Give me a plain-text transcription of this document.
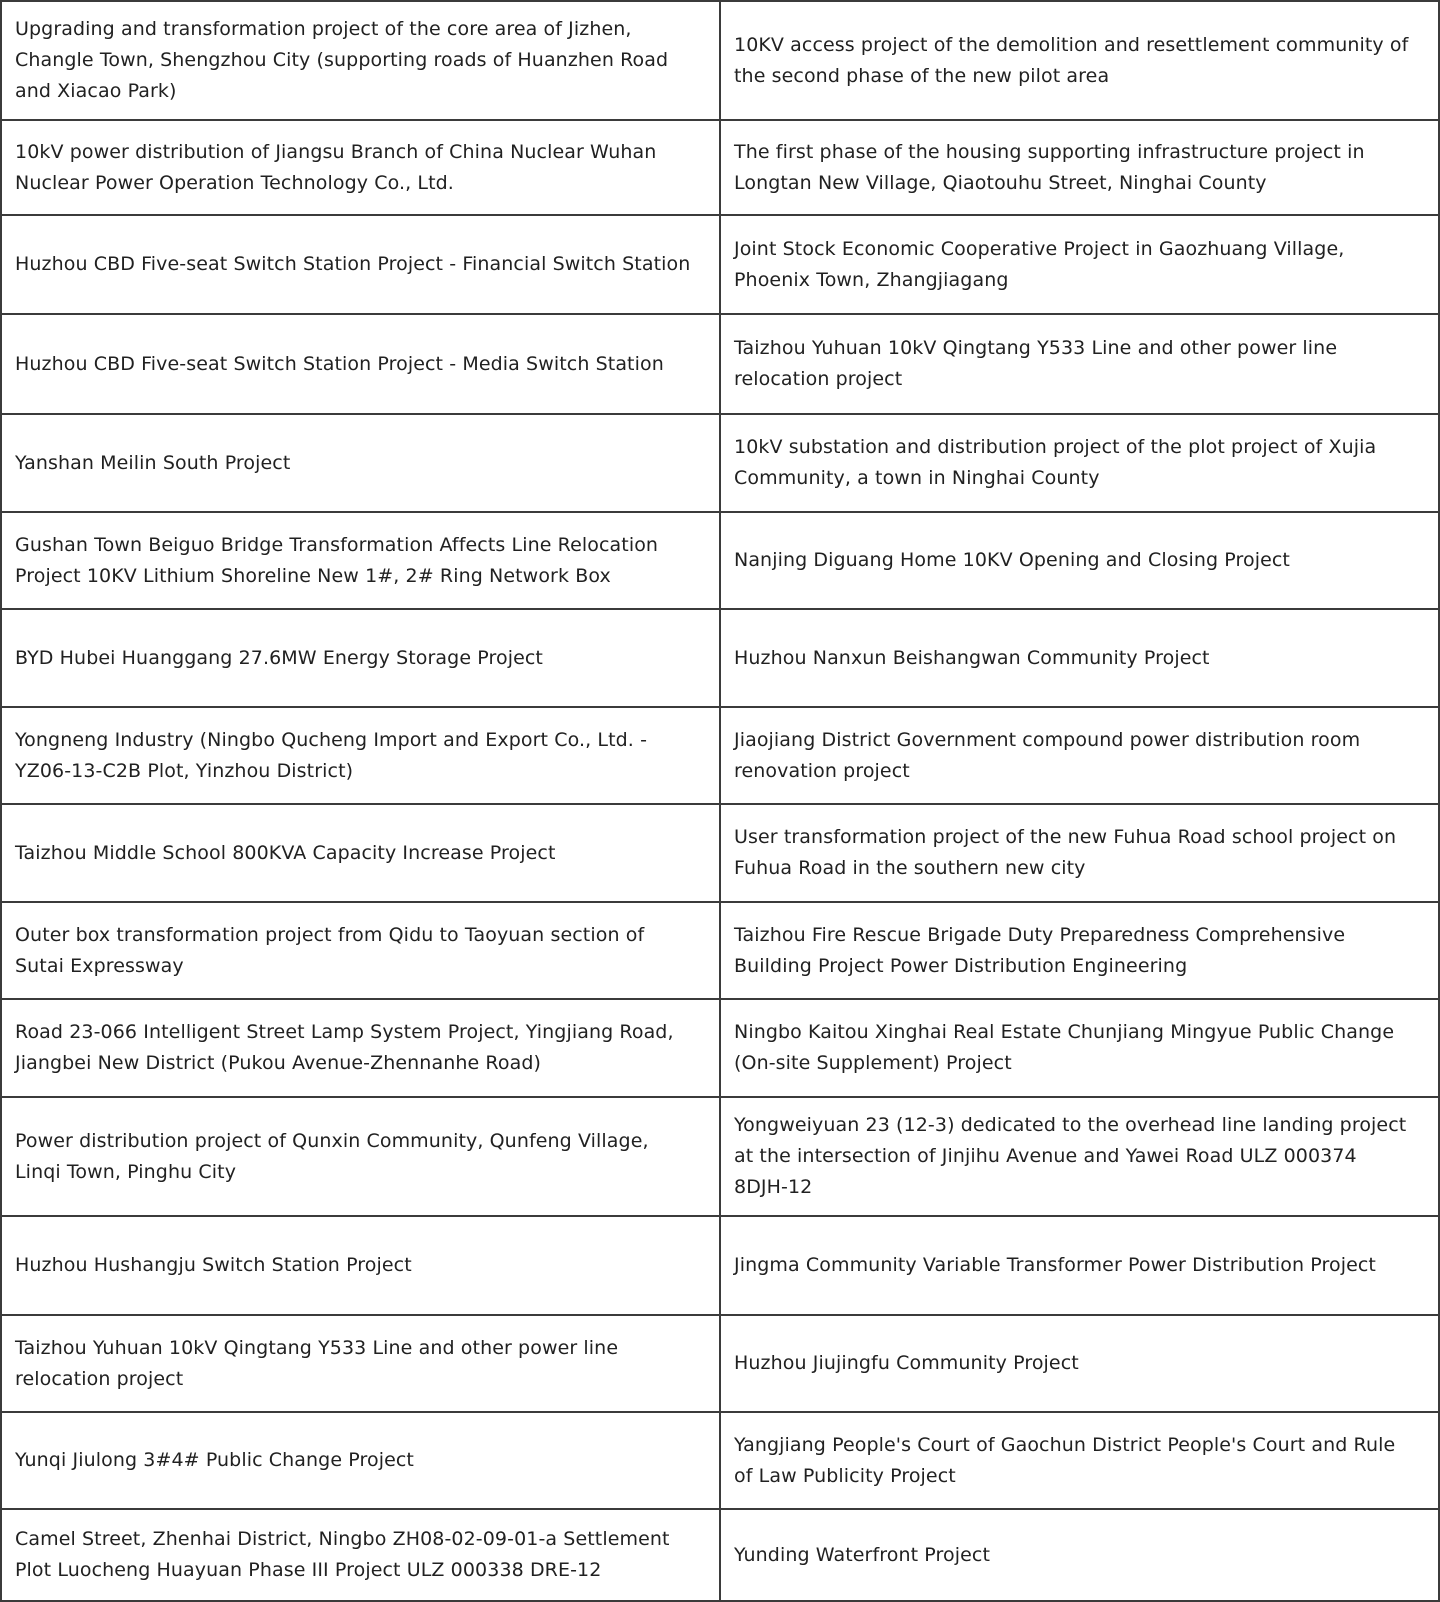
Upgrading and transformation project of the core area of Jizhen, Changle Town, Shengzhou City (supporting roads of Huanzhen Road and Xiacao Park)	10KV access project of the demolition and resettlement community of the second phase of the new pilot area
10kV power distribution of Jiangsu Branch of China Nuclear Wuhan Nuclear Power Operation Technology Co., Ltd.	The first phase of the housing supporting infrastructure project in Longtan New Village, Qiaotouhu Street, Ninghai County
Huzhou CBD Five-seat Switch Station Project - Financial Switch Station	Joint Stock Economic Cooperative Project in Gaozhuang Village, Phoenix Town, Zhangjiagang
Huzhou CBD Five-seat Switch Station Project - Media Switch Station	Taizhou Yuhuan 10kV Qingtang Y533 Line and other power line relocation project
Yanshan Meilin South Project	10kV substation and distribution project of the plot project of Xujia Community, a town in Ninghai County
Gushan Town Beiguo Bridge Transformation Affects Line Relocation Project 10KV Lithium Shoreline New 1#, 2# Ring Network Box	Nanjing Diguang Home 10KV Opening and Closing Project
BYD Hubei Huanggang 27.6MW Energy Storage Project	Huzhou Nanxun Beishangwan Community Project
Yongneng Industry (Ningbo Qucheng Import and Export Co., Ltd. - YZ06-13-C2B Plot, Yinzhou District)	Jiaojiang District Government compound power distribution room renovation project
Taizhou Middle School 800KVA Capacity Increase Project	User transformation project of the new Fuhua Road school project on Fuhua Road in the southern new city
Outer box transformation project from Qidu to Taoyuan section of Sutai Expressway	Taizhou Fire Rescue Brigade Duty Preparedness Comprehensive Building Project Power Distribution Engineering
Road 23-066 Intelligent Street Lamp System Project, Yingjiang Road, Jiangbei New District (Pukou Avenue-Zhennanhe Road)	Ningbo Kaitou Xinghai Real Estate Chunjiang Mingyue Public Change (On-site Supplement) Project
Power distribution project of Qunxin Community, Qunfeng Village, Linqi Town, Pinghu City	Yongweiyuan 23 (12-3) dedicated to the overhead line landing project at the intersection of Jinjihu Avenue and Yawei Road ULZ 000374 8DJH-12
Huzhou Hushangju Switch Station Project	Jingma Community Variable Transformer Power Distribution Project
Taizhou Yuhuan 10kV Qingtang Y533 Line and other power line relocation project	Huzhou Jiujingfu Community Project
Yunqi Jiulong 3#4# Public Change Project	Yangjiang People's Court of Gaochun District People's Court and Rule of Law Publicity Project
Camel Street, Zhenhai District, Ningbo ZH08-02-09-01-a Settlement Plot Luocheng Huayuan Phase III Project ULZ 000338 DRE-12	Yunding Waterfront Project
